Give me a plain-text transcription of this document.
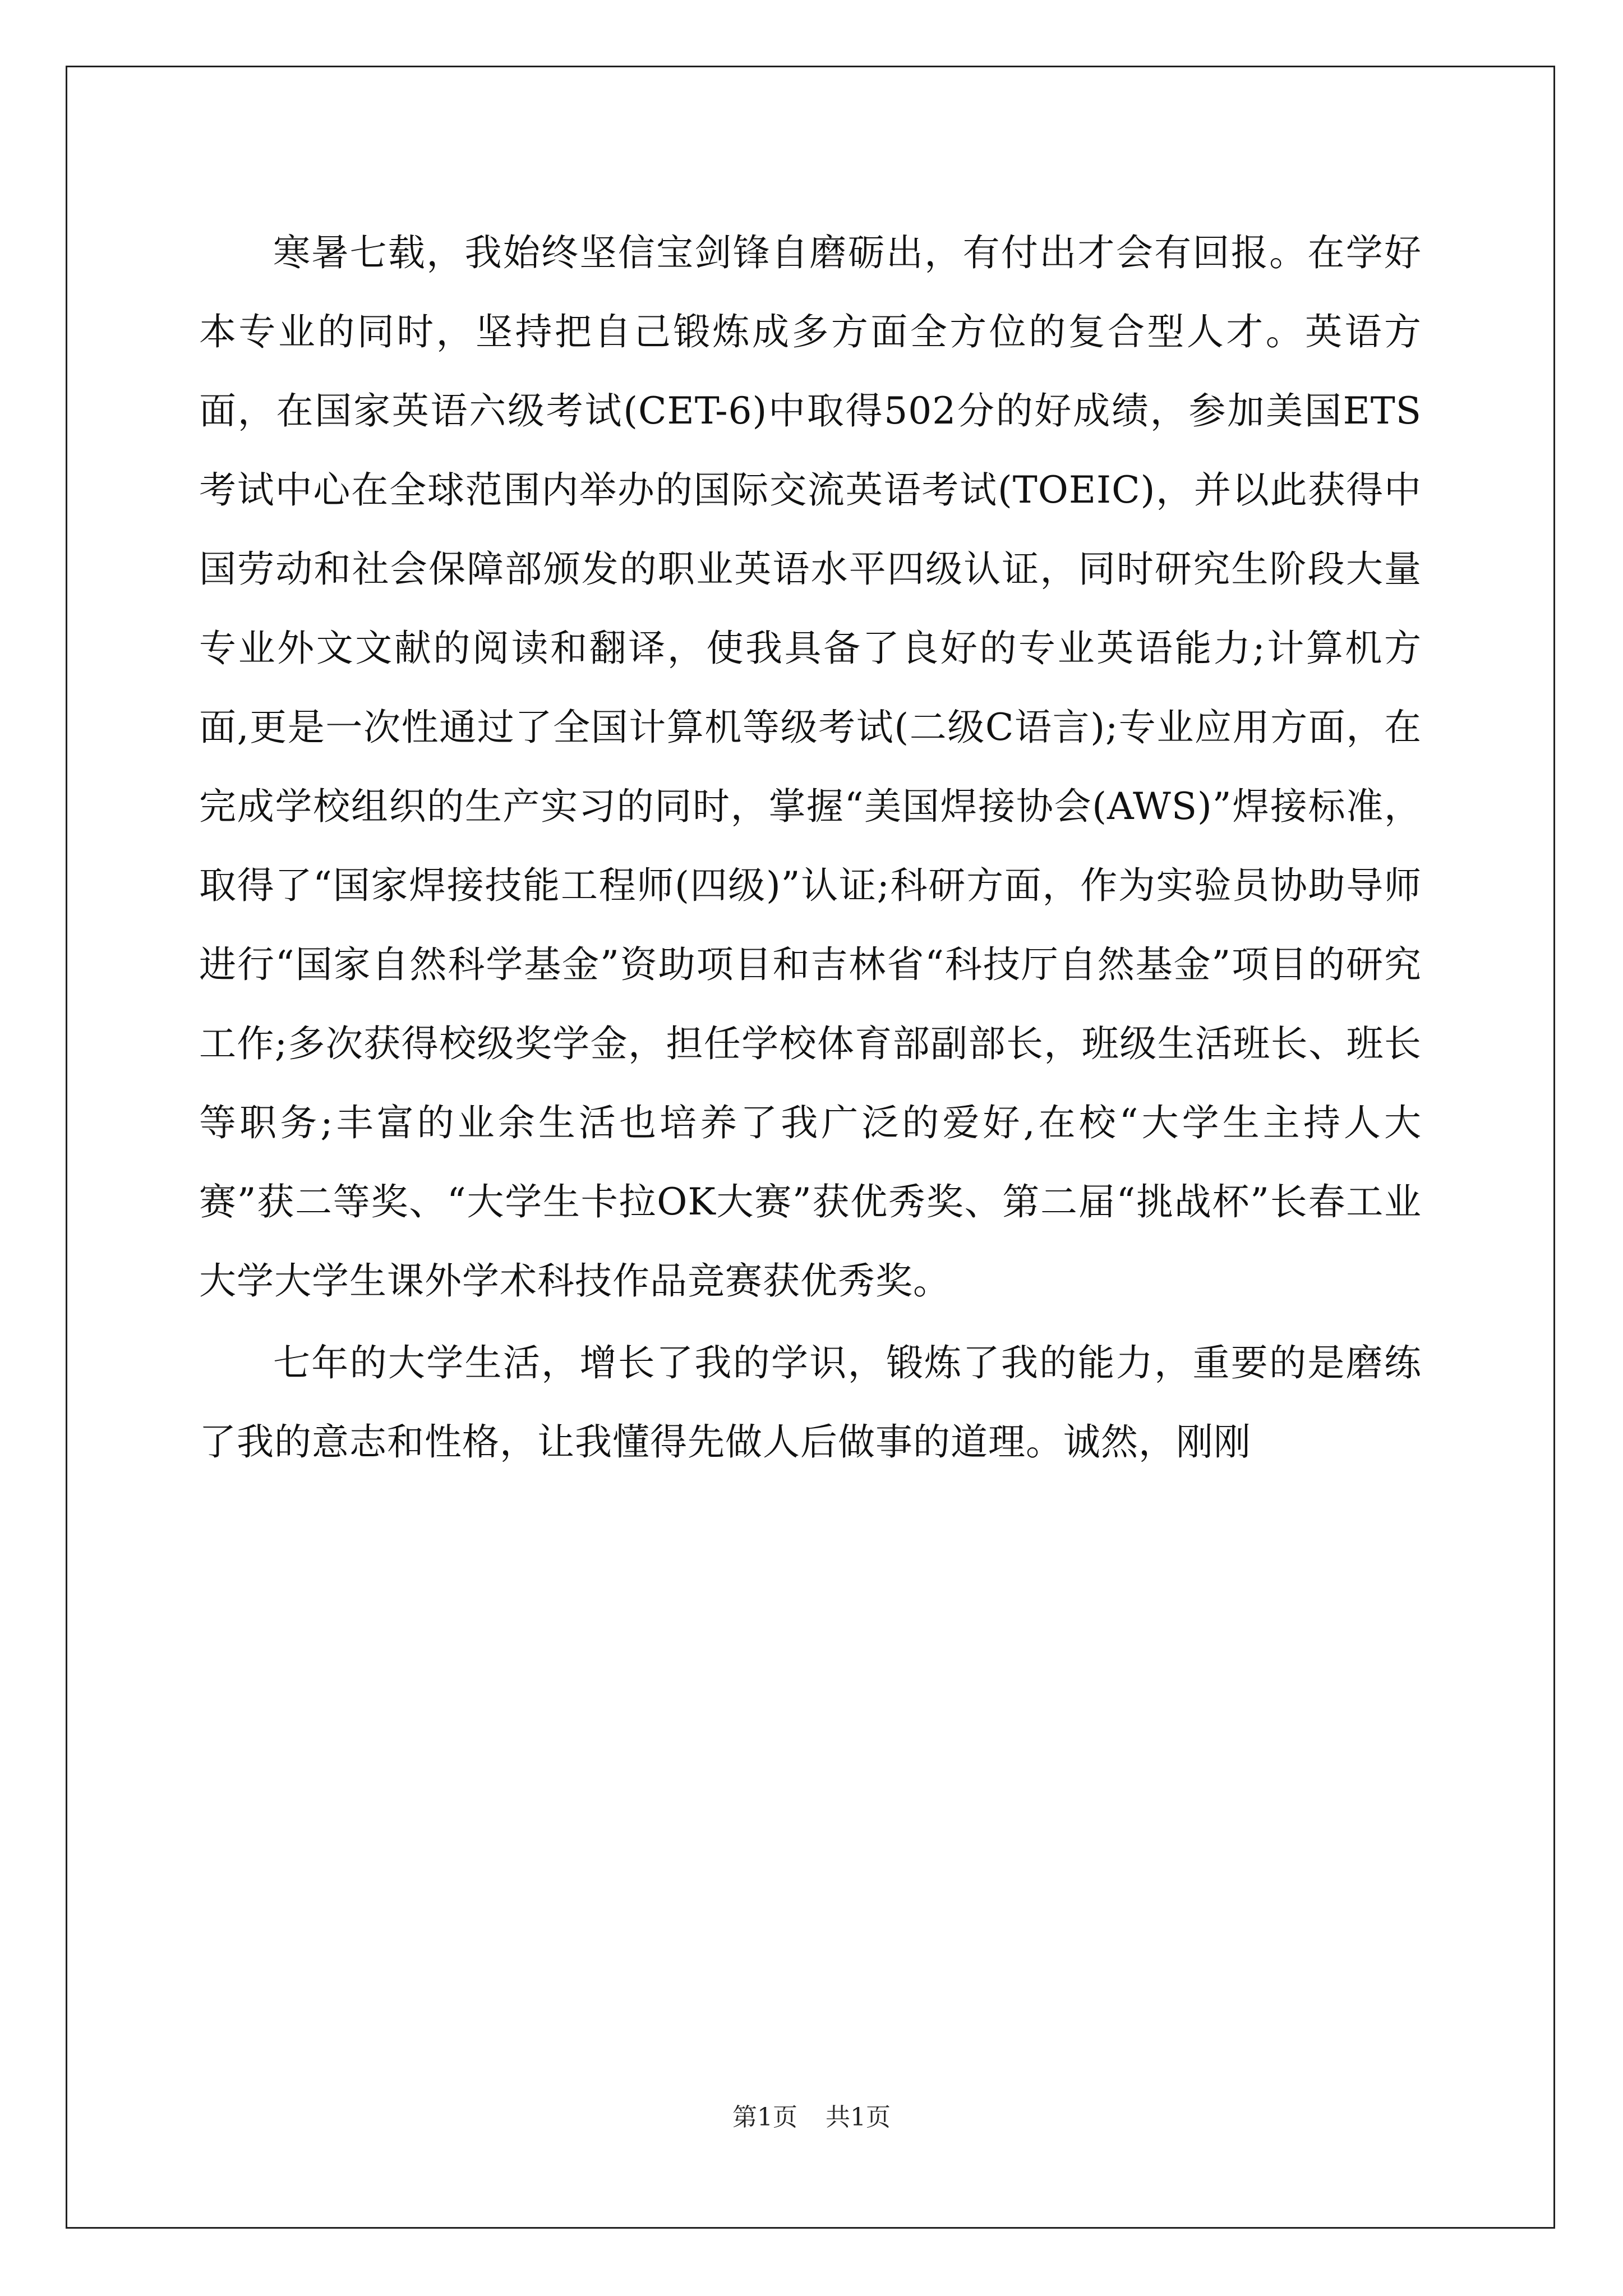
寒暑七载，我始终坚信宝剑锋自磨砺出，有付出才会有回报。在学好本专业的同时，坚持把自己锻炼成多方面全方位的复合型人才。英语方面，在国家英语六级考试(CET-6)中取得502分的好成绩，参加美国ETS考试中心在全球范围内举办的国际交流英语考试(TOEIC)，并以此获得中国劳动和社会保障部颁发的职业英语水平四级认证，同时研究生阶段大量专业外文文献的阅读和翻译，使我具备了良好的专业英语能力;计算机方面,更是一次性通过了全国计算机等级考试(二级C语言);专业应用方面，在完成学校组织的生产实习的同时，掌握“美国焊接协会(AWS)”焊接标准，取得了“国家焊接技能工程师(四级)”认证;科研方面，作为实验员协助导师进行“国家自然科学基金”资助项目和吉林省“科技厅自然基金”项目的研究工作;多次获得校级奖学金，担任学校体育部副部长，班级生活班长、班长等职务;丰富的业余生活也培养了我广泛的爱好,在校“大学生主持人大赛”获二等奖、“大学生卡拉OK大赛”获优秀奖、第二届“挑战杯”长春工业大学大学生课外学术科技作品竞赛获优秀奖。

七年的大学生活，增长了我的学识，锻炼了我的能力，重要的是磨练了我的意志和性格，让我懂得先做人后做事的道理。诚然，刚刚

第1页 共1页
